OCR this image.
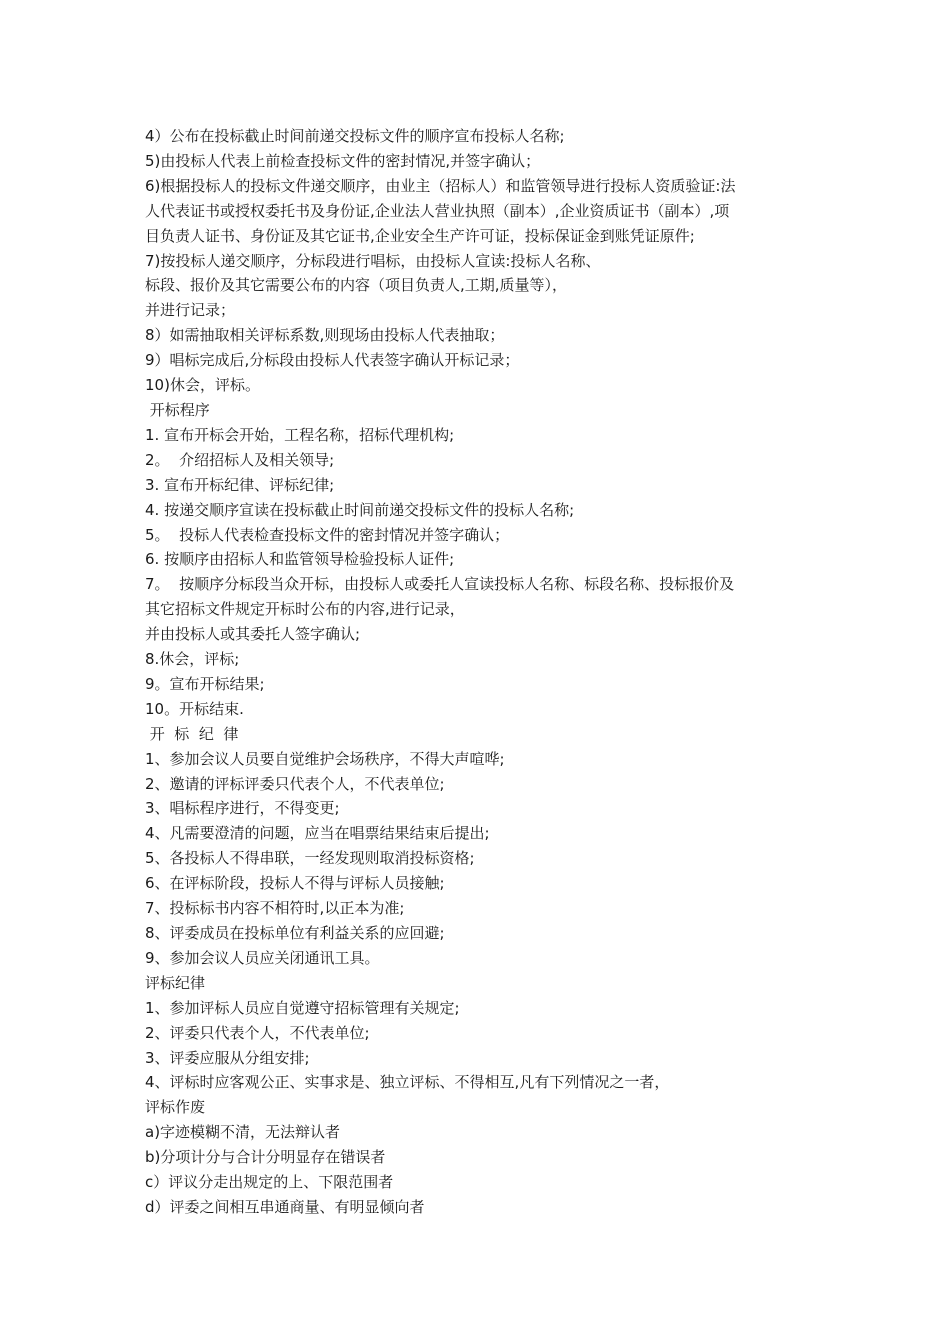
4）公布在投标截止时间前递交投标文件的顺序宣布投标人名称;
5)由投标人代表上前检查投标文件的密封情况,并签字确认；
6)根据投标人的投标文件递交顺序，由业主（招标人）和监管领导进行投标人资质验证:法
人代表证书或授权委托书及身份证,企业法人营业执照（副本）,企业资质证书（副本）,项
目负责人证书、身份证及其它证书,企业安全生产许可证，投标保证金到账凭证原件;
7)按投标人递交顺序，分标段进行唱标，由投标人宣读:投标人名称、
标段、报价及其它需要公布的内容（项目负责人,工期,质量等），
并进行记录；
8）如需抽取相关评标系数,则现场由投标人代表抽取；
9）唱标完成后,分标段由投标人代表签字确认开标记录；
10)休会，评标。
开标程序
1. 宣布开标会开始，工程名称，招标代理机构;
2。  介绍招标人及相关领导;
3. 宣布开标纪律、评标纪律;
4. 按递交顺序宣读在投标截止时间前递交投标文件的投标人名称;
5。  投标人代表检查投标文件的密封情况并签字确认；
6. 按顺序由招标人和监管领导检验投标人证件;
7。  按顺序分标段当众开标，由投标人或委托人宣读投标人名称、标段名称、投标报价及
其它招标文件规定开标时公布的内容,进行记录，
并由投标人或其委托人签字确认;
8.休会，评标;
9。宣布开标结果;
10。开标结束.
开  标  纪  律
1、参加会议人员要自觉维护会场秩序，不得大声喧哗;
2、邀请的评标评委只代表个人，不代表单位;
3、唱标程序进行，不得变更;
4、凡需要澄清的问题，应当在唱票结果结束后提出;
5、各投标人不得串联，一经发现则取消投标资格;
6、在评标阶段，投标人不得与评标人员接触;
7、投标标书内容不相符时,以正本为准;
8、评委成员在投标单位有利益关系的应回避;
9、参加会议人员应关闭通讯工具。
评标纪律
1、参加评标人员应自觉遵守招标管理有关规定;
2、评委只代表个人，不代表单位;
3、评委应服从分组安排;
4、评标时应客观公正、实事求是、独立评标、不得相互,凡有下列情况之一者，
评标作废
a)字迹模糊不清，无法辩认者
b)分项计分与合计分明显存在错误者
c）评议分走出规定的上、下限范围者
d）评委之间相互串通商量、有明显倾向者
